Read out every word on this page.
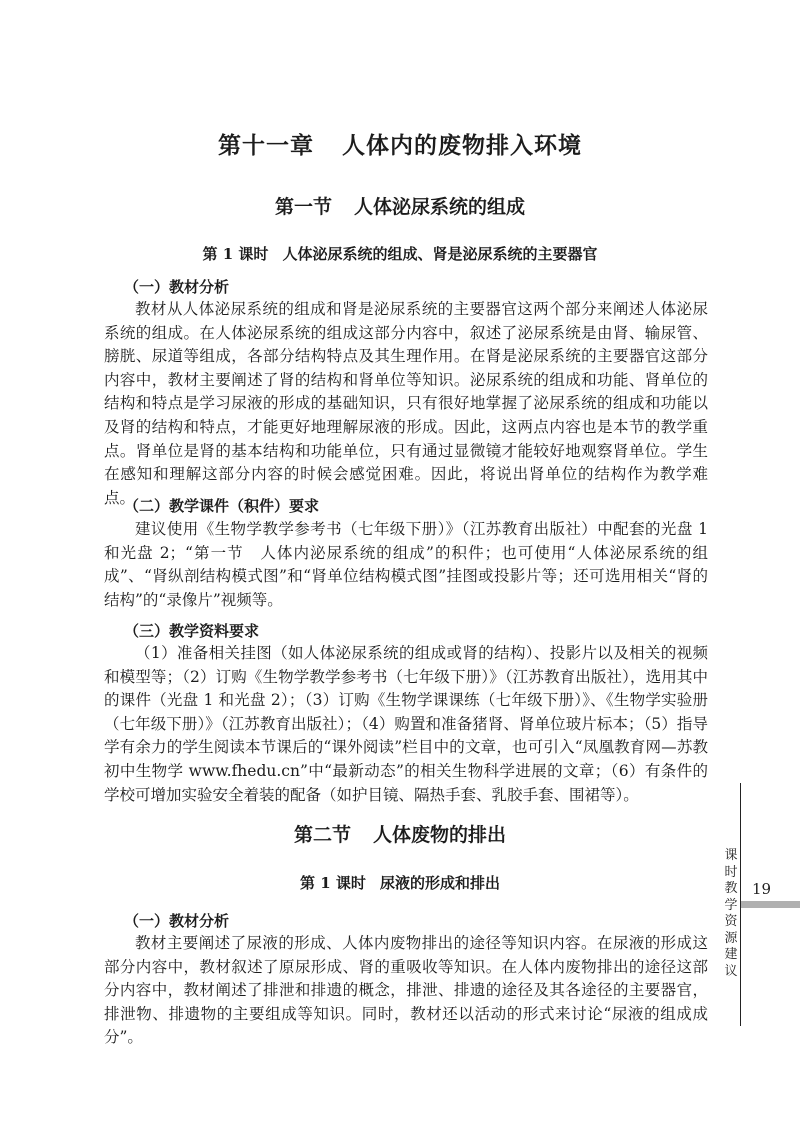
第十一章 人体内的废物排入环境
第一节 人体泌尿系统的组成
第 1 课时 人体泌尿系统的组成、肾是泌尿系统的主要器官
（一）教材分析

教材从人体泌尿系统的组成和肾是泌尿系统的主要器官这两个部分来阐述人体泌尿系统的组成。在人体泌尿系统的组成这部分内容中，叙述了泌尿系统是由肾、输尿管、膀胱、尿道等组成，各部分结构特点及其生理作用。在肾是泌尿系统的主要器官这部分内容中，教材主要阐述了肾的结构和肾单位等知识。泌尿系统的组成和功能、肾单位的结构和特点是学习尿液的形成的基础知识，只有很好地掌握了泌尿系统的组成和功能以及肾的结构和特点，才能更好地理解尿液的形成。因此，这两点内容也是本节的教学重点。肾单位是肾的基本结构和功能单位，只有通过显微镜才能较好地观察肾单位。学生在感知和理解这部分内容的时候会感觉困难。因此，将说出肾单位的结构作为教学难点。

（二）教学课件（积件）要求

建议使用《生物学教学参考书（七年级下册）》（江苏教育出版社）中配套的光盘 1 和光盘 2；“第一节　人体内泌尿系统的组成”的积件；也可使用“人体泌尿系统的组成”、“肾纵剖结构模式图”和“肾单位结构模式图”挂图或投影片等；还可选用相关“肾的结构”的“录像片”视频等。

（三）教学资料要求

（1）准备相关挂图（如人体泌尿系统的组成或肾的结构）、投影片以及相关的视频和模型等；（2）订购《生物学教学参考书（七年级下册）》（江苏教育出版社），选用其中的课件（光盘 1 和光盘 2）；（3）订购《生物学课课练（七年级下册）》、《生物学实验册（七年级下册）》（江苏教育出版社）；（4）购置和准备猪肾、肾单位玻片标本；（5）指导学有余力的学生阅读本节课后的“课外阅读”栏目中的文章，也可引入“凤凰教育网—苏教初中生物学 www.fhedu.cn”中“最新动态”的相关生物科学进展的文章；（6）有条件的学校可增加实验安全着装的配备（如护目镜、隔热手套、乳胶手套、围裙等）。

第二节 人体废物的排出
第 1 课时 尿液的形成和排出
（一）教材分析

教材主要阐述了尿液的形成、人体内废物排出的途径等知识内容。在尿液的形成这部分内容中，教材叙述了原尿形成、肾的重吸收等知识。在人体内废物排出的途径这部分内容中，教材阐述了排泄和排遗的概念，排泄、排遗的途径及其各途径的主要器官，排泄物、排遗物的主要组成等知识。同时，教材还以活动的形式来讨论“尿液的组成成分”。

课时教学资源建议
19
